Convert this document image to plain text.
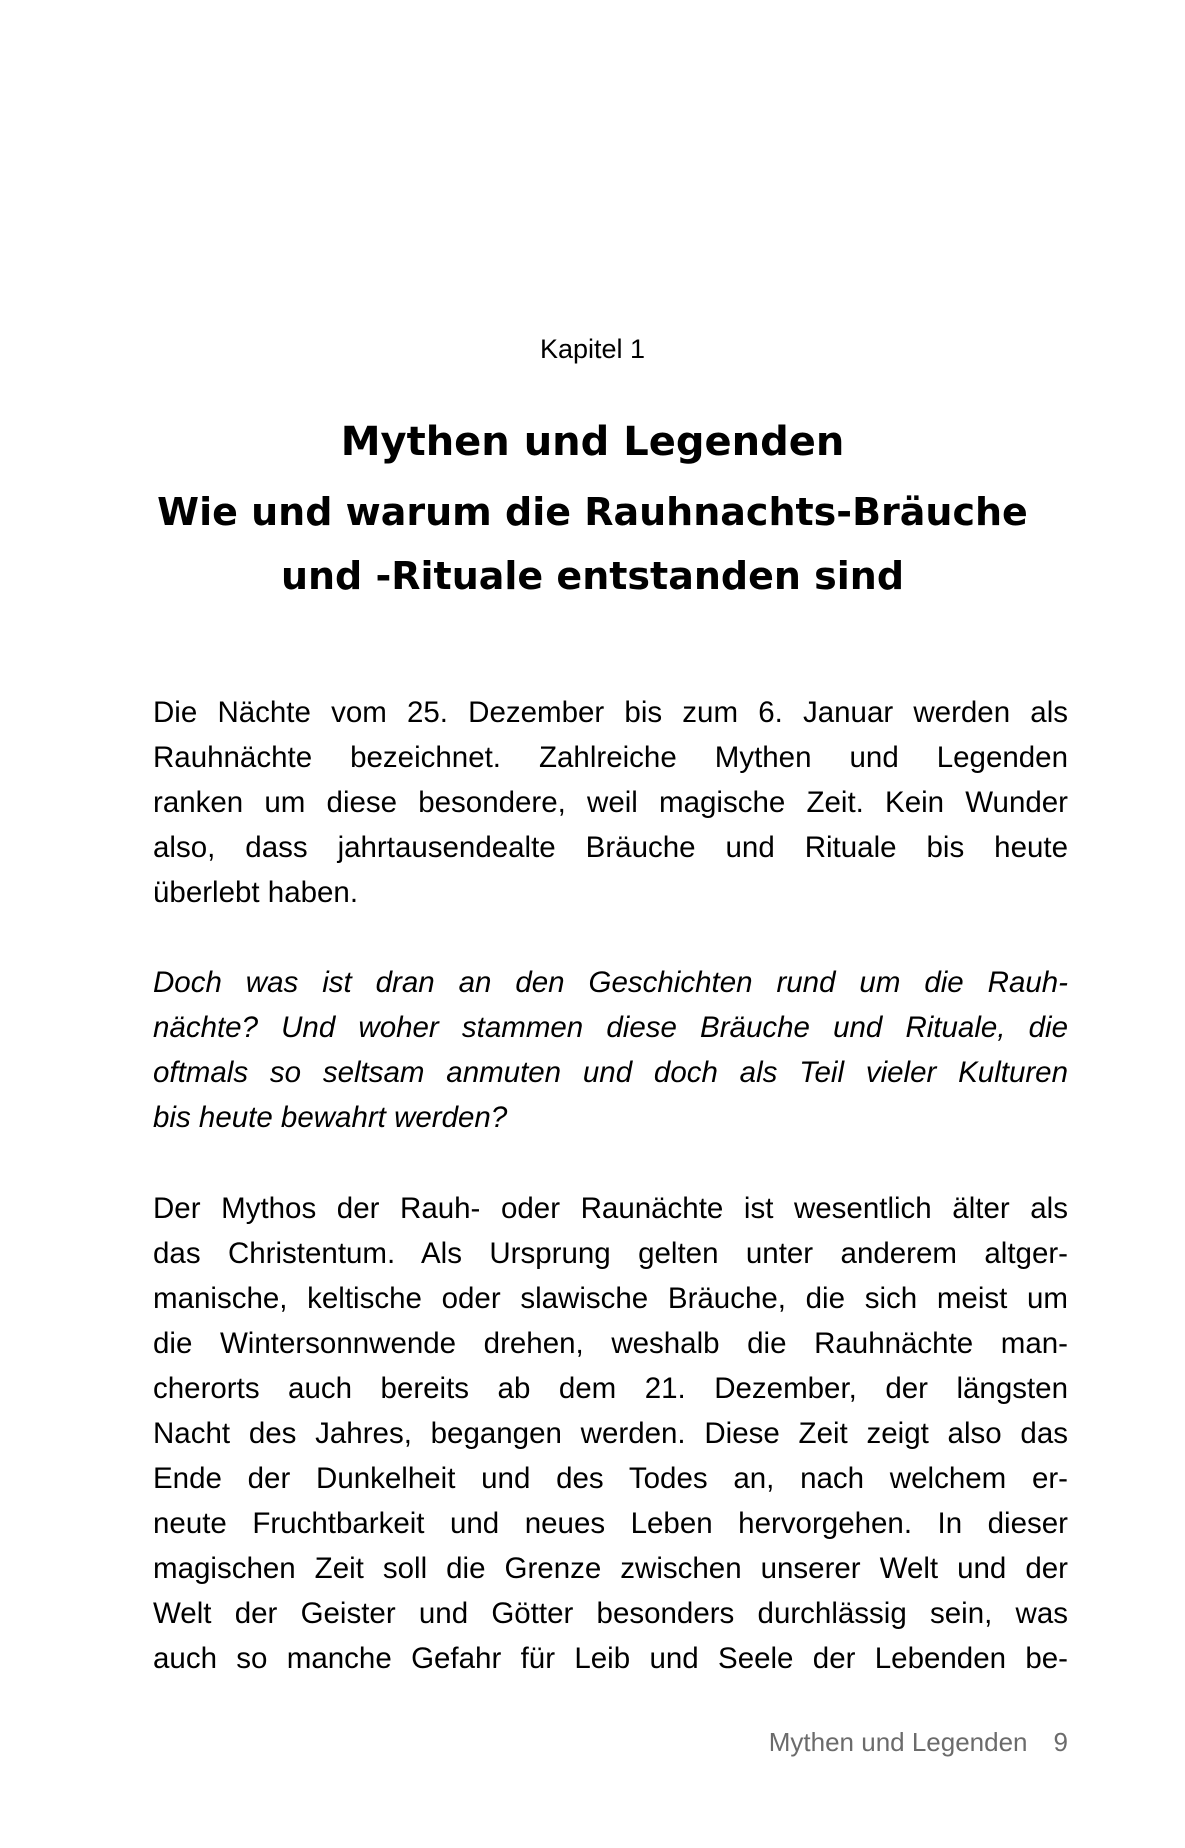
Kapitel 1
Mythen und Legenden
Wie und warum die Rauhnachts-Bräuche
und -Rituale entstanden sind

Die Nächte vom 25. Dezember bis zum 6. Januar werden als
Rauhnächte bezeichnet. Zahlreiche Mythen und Legenden
ranken um diese besondere, weil magische Zeit. Kein Wunder
also, dass jahrtausendealte Bräuche und Rituale bis heute
überlebt haben.

Doch was ist dran an den Geschichten rund um die Rauh-
nächte? Und woher stammen diese Bräuche und Rituale, die
oftmals so seltsam anmuten und doch als Teil vieler Kulturen
bis heute bewahrt werden?

Der Mythos der Rauh- oder Raunächte ist wesentlich älter als
das Christentum. Als Ursprung gelten unter anderem altger-
manische, keltische oder slawische Bräuche, die sich meist um
die Wintersonnwende drehen, weshalb die Rauhnächte man-
cherorts auch bereits ab dem 21. Dezember, der längsten
Nacht des Jahres, begangen werden. Diese Zeit zeigt also das
Ende der Dunkelheit und des Todes an, nach welchem er-
neute Fruchtbarkeit und neues Leben hervorgehen. In dieser
magischen Zeit soll die Grenze zwischen unserer Welt und der
Welt der Geister und Götter besonders durchlässig sein, was
auch so manche Gefahr für Leib und Seele der Lebenden be-

Mythen und Legenden 9
